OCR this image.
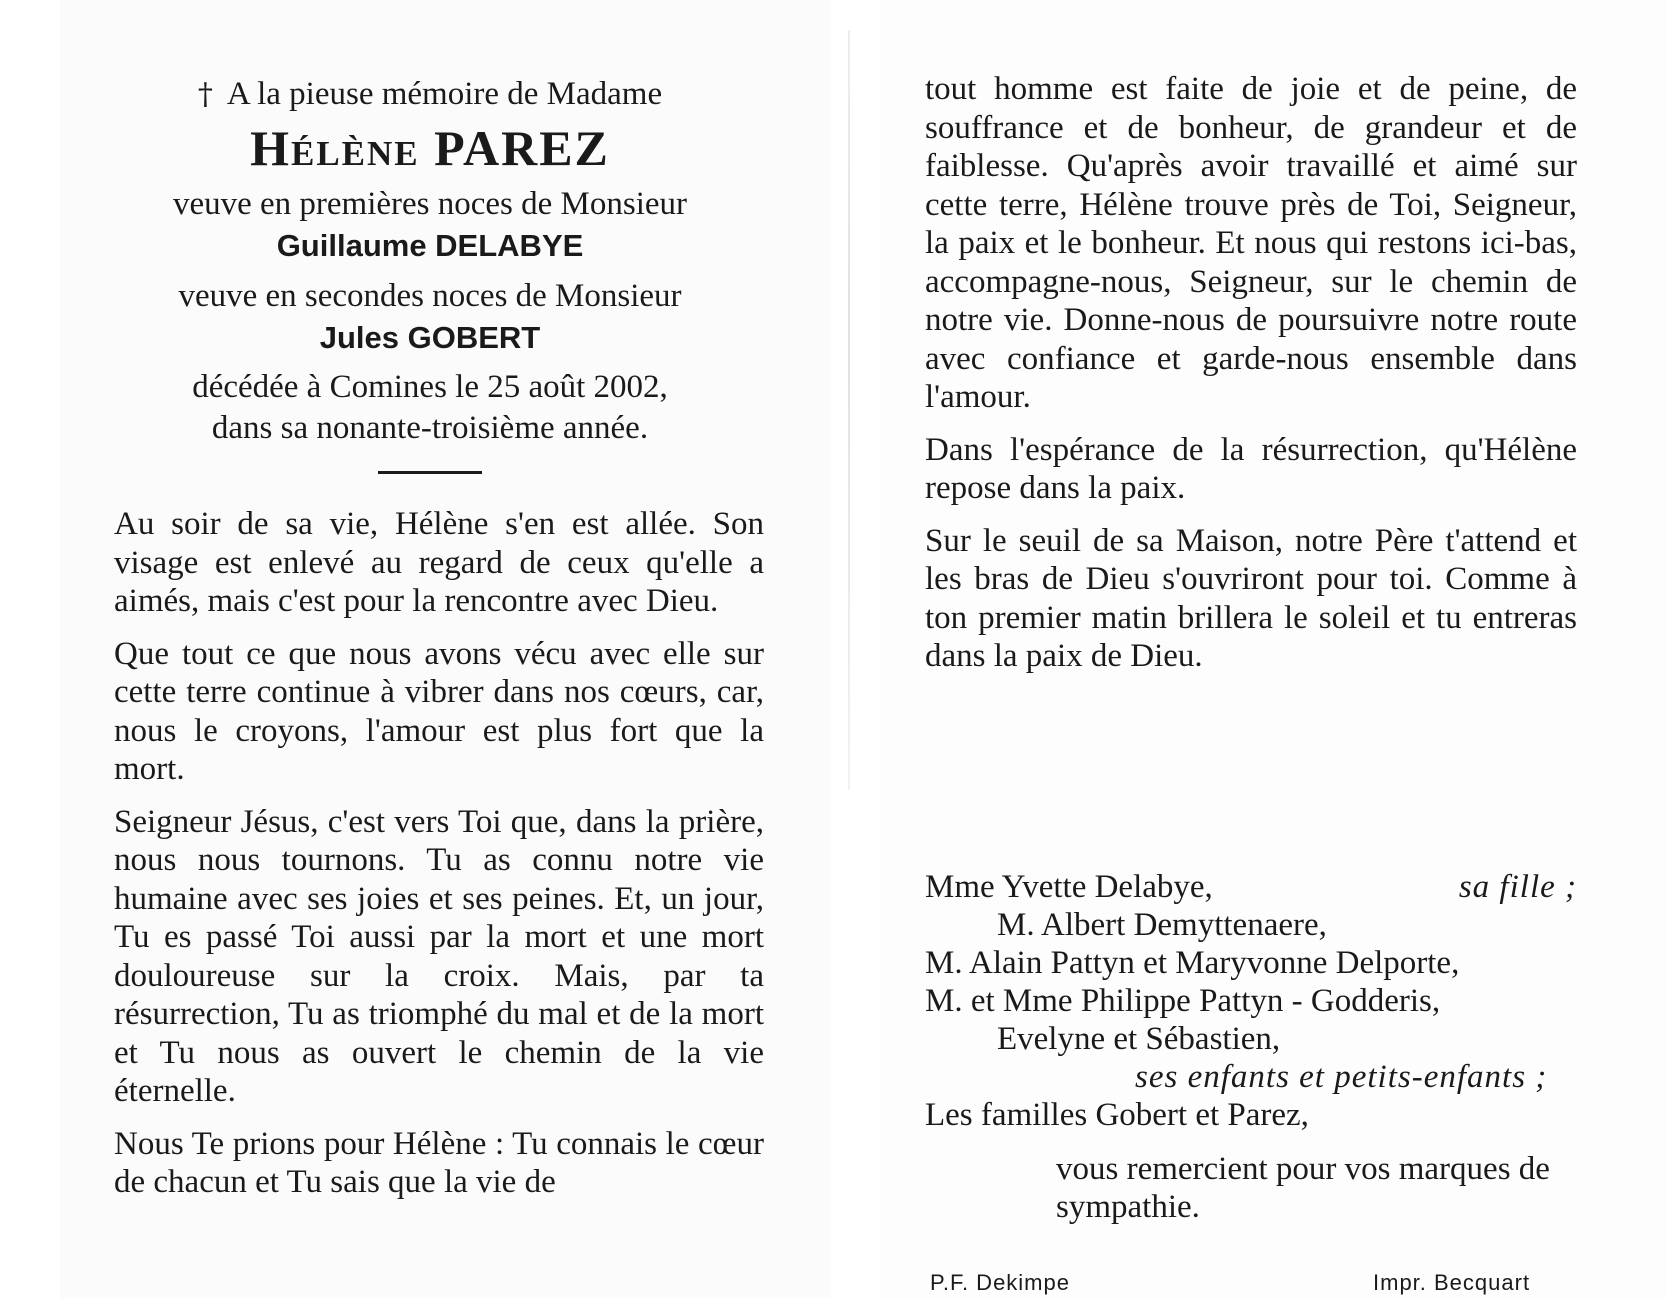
† A la pieuse mémoire de Madame

Hélène PAREZ

veuve en premières noces de Monsieur

Guillaume DELABYE

veuve en secondes noces de Monsieur

Jules GOBERT

décédée à Comines le 25 août 2002,

dans sa nonante-troisième année.

Au soir de sa vie, Hélène s'en est allée. Son visage est enlevé au regard de ceux qu'elle a aimés, mais c'est pour la rencontre avec Dieu.

Que tout ce que nous avons vécu avec elle sur cette terre continue à vibrer dans nos cœurs, car, nous le croyons, l'amour est plus fort que la mort.

Seigneur Jésus, c'est vers Toi que, dans la prière, nous nous tournons. Tu as connu notre vie humaine avec ses joies et ses peines. Et, un jour, Tu es passé Toi aussi par la mort et une mort douloureuse sur la croix. Mais, par ta résurrection, Tu as triomphé du mal et de la mort et Tu nous as ouvert le chemin de la vie éternelle.

Nous Te prions pour Hélène : Tu connais le cœur de chacun et Tu sais que la vie de

tout homme est faite de joie et de peine, de souffrance et de bonheur, de grandeur et de faiblesse. Qu'après avoir travaillé et aimé sur cette terre, Hélène trouve près de Toi, Seigneur, la paix et le bonheur. Et nous qui restons ici-bas, accompagne-nous, Seigneur, sur le chemin de notre vie. Donne-nous de poursuivre notre route avec confiance et garde-nous ensemble dans l'amour.

Dans l'espérance de la résurrection, qu'Hélène repose dans la paix.

Sur le seuil de sa Maison, notre Père t'attend et les bras de Dieu s'ouvriront pour toi. Comme à ton premier matin brillera le soleil et tu entreras dans la paix de Dieu.

Mme Yvette Delabye,	sa fille ;

M. Albert Demyttenaere,

M. Alain Pattyn et Maryvonne Delporte,

M. et Mme Philippe Pattyn - Godderis,

Evelyne et Sébastien,

ses enfants et petits-enfants ;

Les familles Gobert et Parez,

vous remercient pour vos marques de sympathie.

P.F. Dekimpe	Impr. Becquart
